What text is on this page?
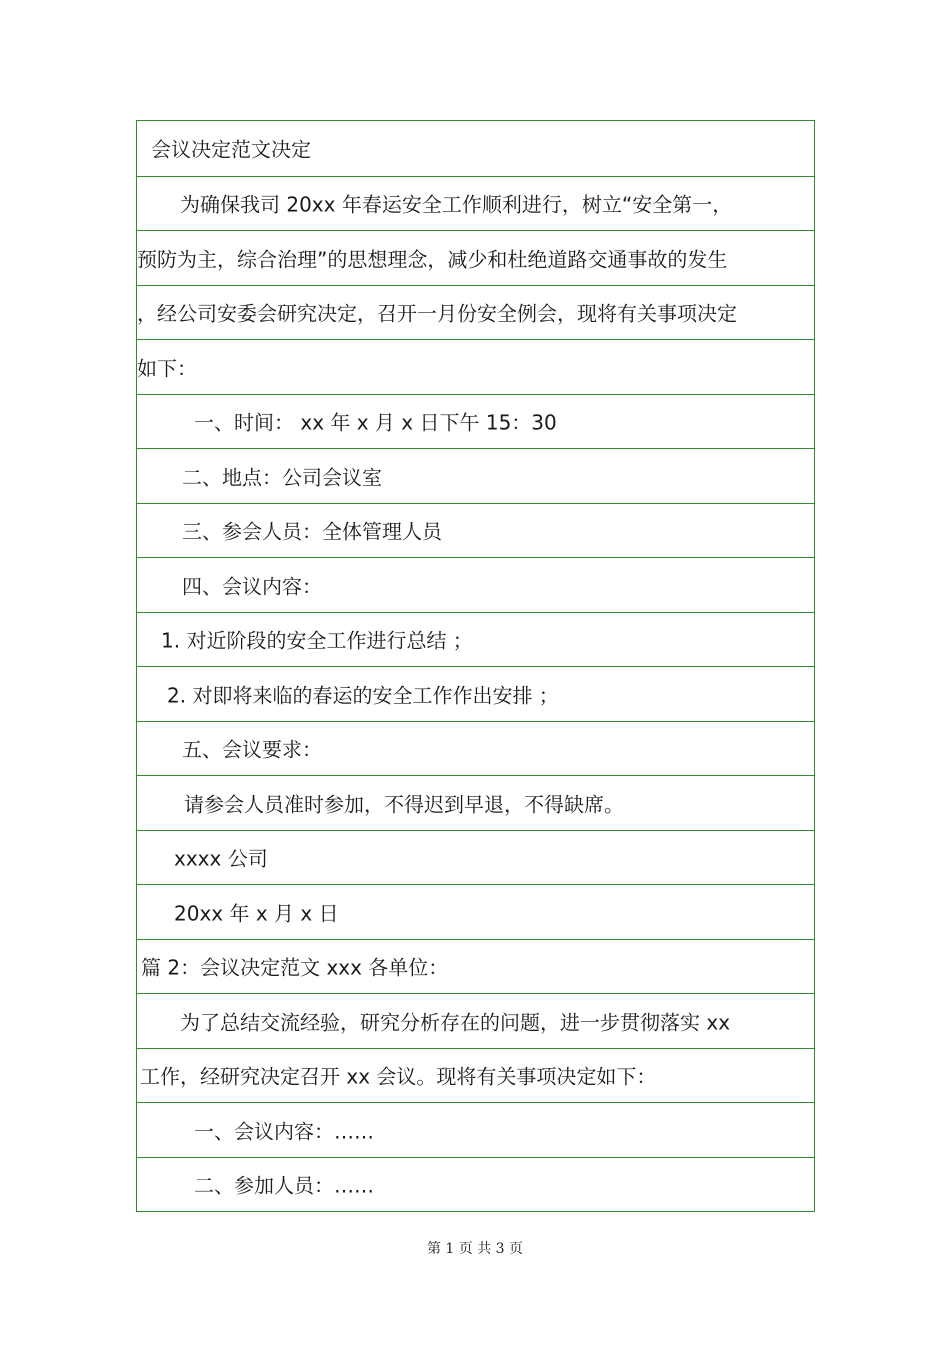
会议决定范文决定
为确保我司 20xx 年春运安全工作顺利进行，树立“安全第一，
预防为主，综合治理”的思想理念，减少和杜绝道路交通事故的发生
，经公司安委会研究决定，召开一月份安全例会，现将有关事项决定
如下：
一、时间： xx 年 x 月 x 日下午 15：30
二、地点：公司会议室
三、参会人员：全体管理人员
四、会议内容：
1. 对近阶段的安全工作进行总结 ；
2. 对即将来临的春运的安全工作作出安排 ；
五、会议要求：
请参会人员准时参加，不得迟到早退，不得缺席。
xxxx 公司
20xx 年 x 月 x 日
篇 2：会议决定范文 xxx 各单位：
为了总结交流经验，研究分析存在的问题，进一步贯彻落实 xx
工作，经研究决定召开 xx 会议。现将有关事项决定如下：
一、会议内容：……
二、参加人员：……
第 1 页 共 3 页
